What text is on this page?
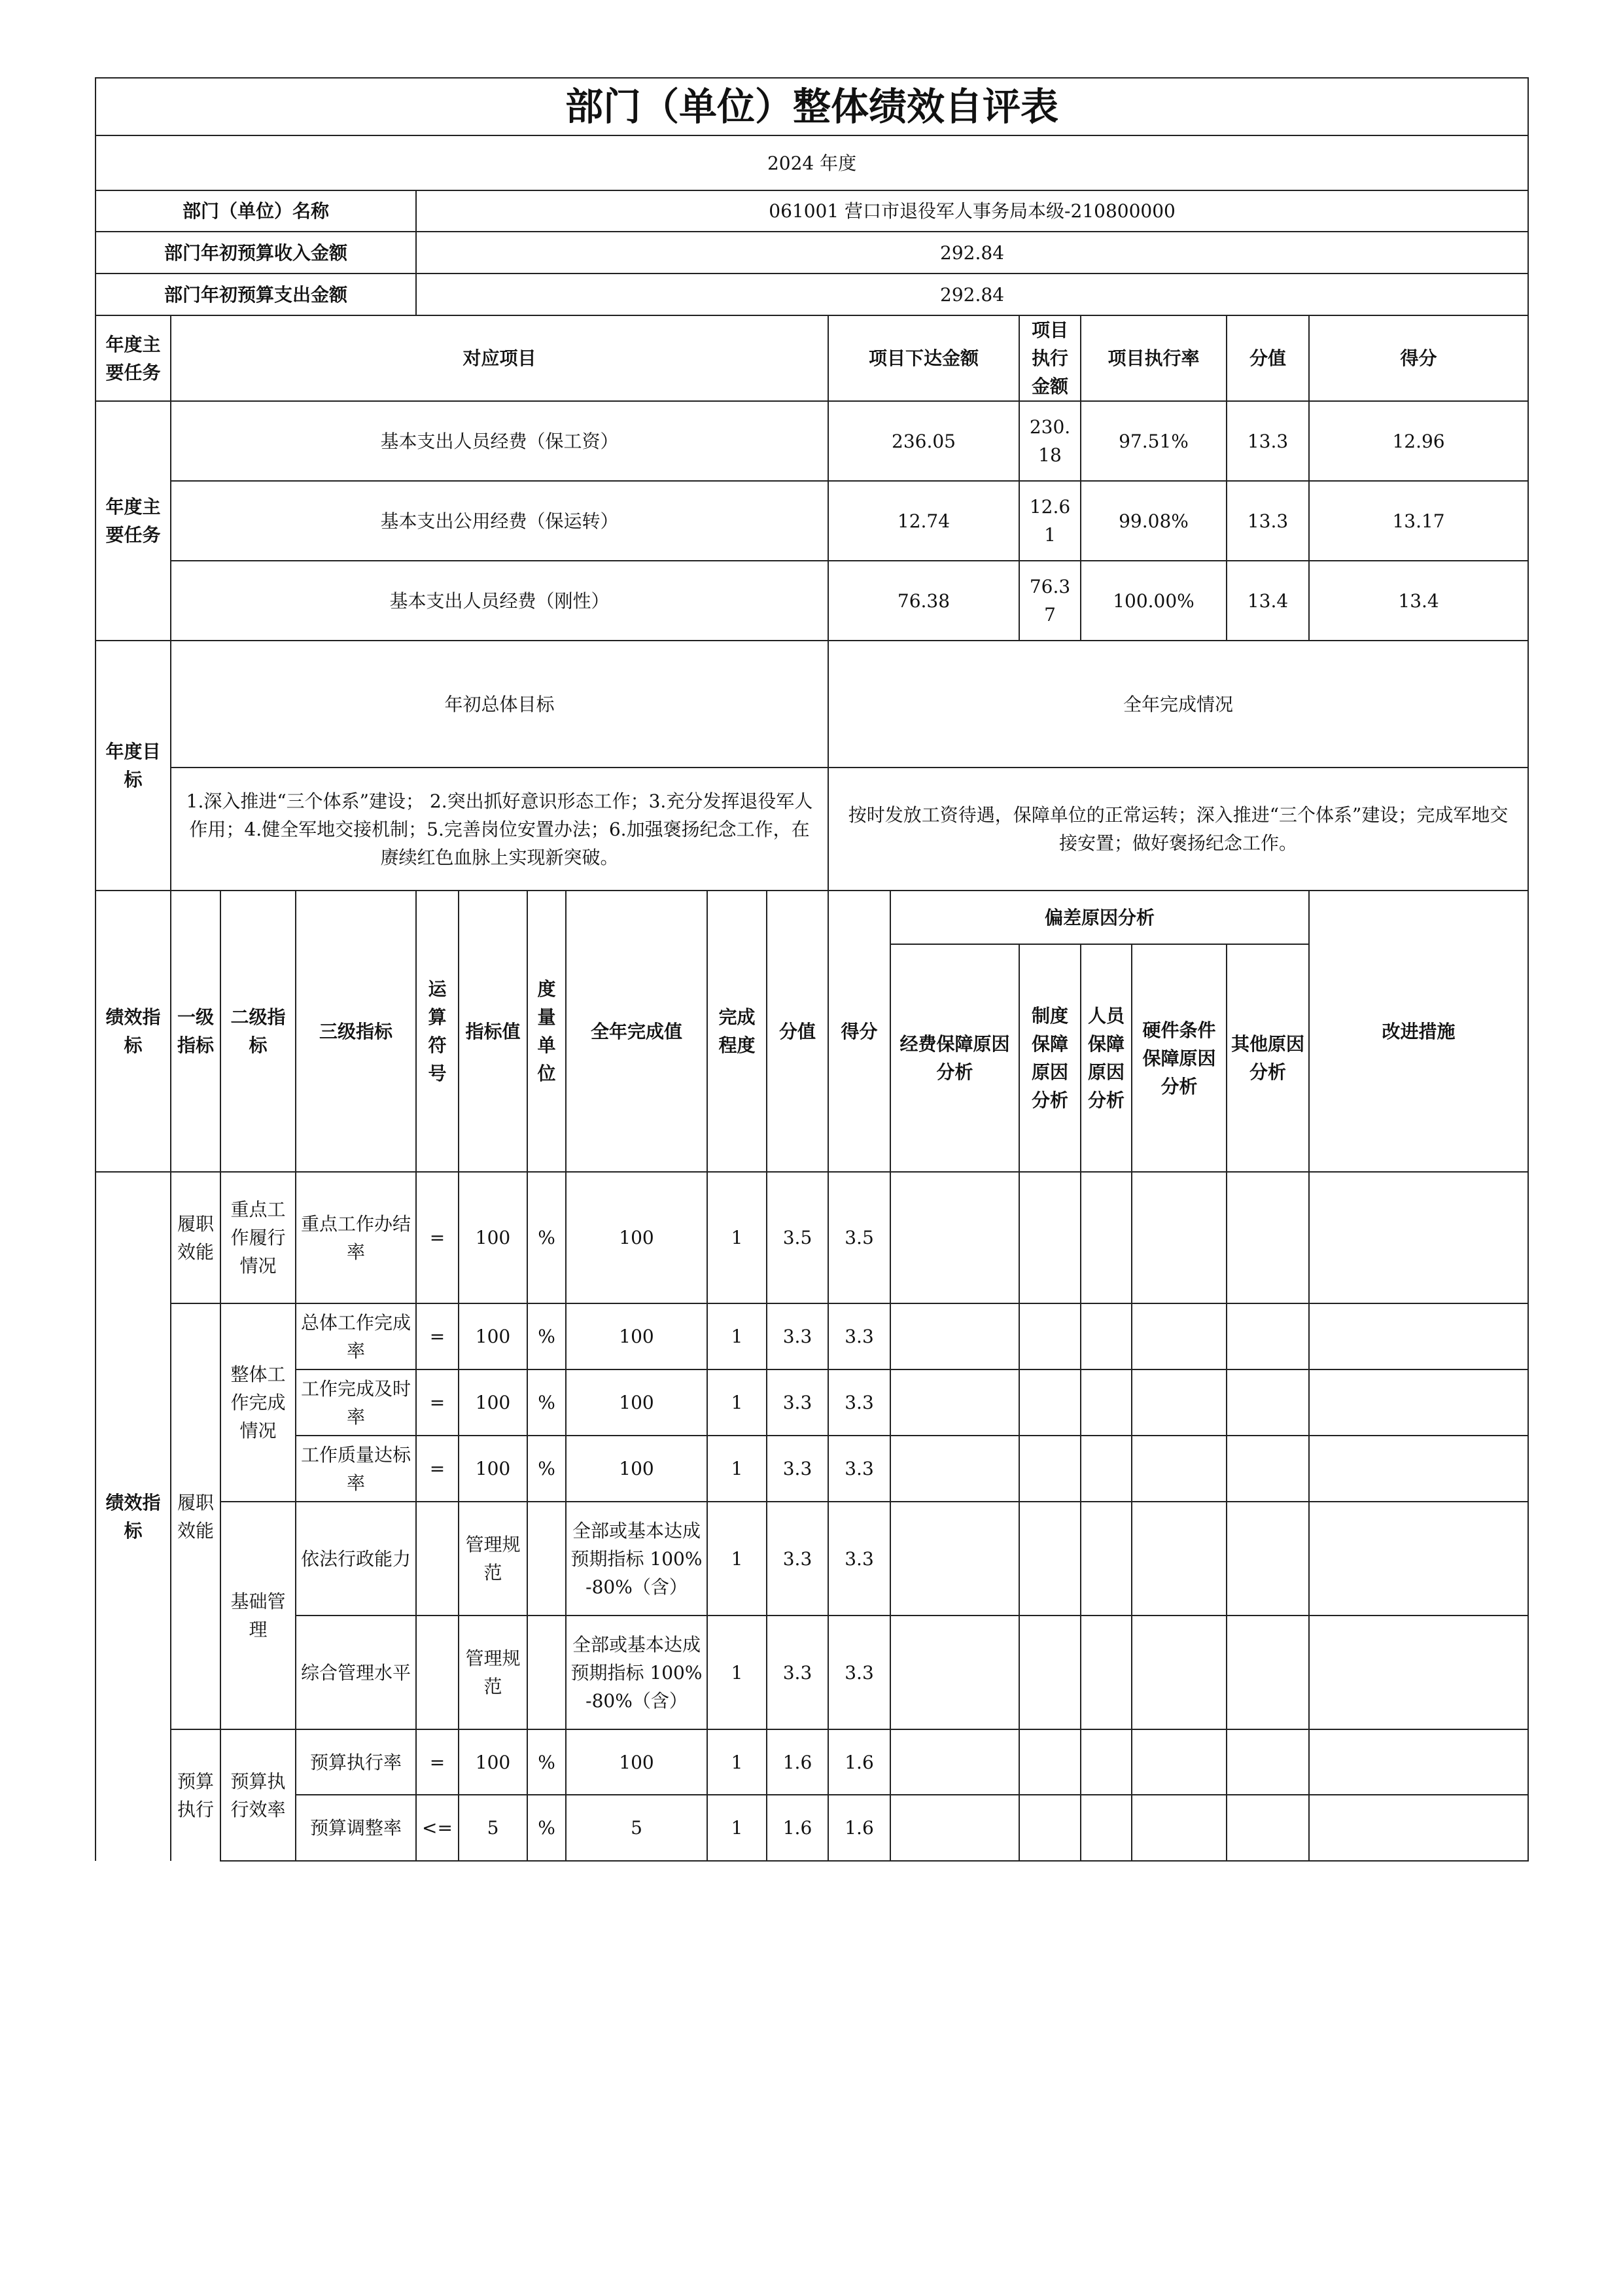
部门（单位）整体绩效自评表																
2024 年度																
部门（单位）名称				061001 营口市退役军人事务局本级-210800000												
部门年初预算收入金额				292.84												
部门年初预算支出金额				292.84												
年度主要任务	对应项目									项目下达金额		项目执行金额	项目执行率		分值	得分
年度主要任务	基本支出人员经费（保工资）									236.05		230.18	97.51%		13.3	12.96
	基本支出公用经费（保运转）									12.74		12.61	99.08%		13.3	13.17
	基本支出人员经费（刚性）									76.38		76.37	100.00%		13.4	13.4
年度目标	年初总体目标									全年完成情况						
	1.深入推进“三个体系”建设； 2.突出抓好意识形态工作；3.充分发挥退役军人作用；4.健全军地交接机制；5.完善岗位安置办法；6.加强褒扬纪念工作，在赓续红色血脉上实现新突破。									按时发放工资待遇，保障单位的正常运转；深入推进“三个体系”建设；完成军地交接安置；做好褒扬纪念工作。						
绩效指标	一级指标	二级指标	三级指标	运算符号	指标值	度量单位	全年完成值	完成程度	分值	得分	偏差原因分析					改进措施
											经费保障原因分析	制度保障原因分析	人员保障原因分析	硬件条件保障原因分析	其他原因分析	
绩效指标	履职效能	重点工作履行情况	重点工作办结率	=	100	%	100	1	3.5	3.5						
	履职效能	整体工作完成情况	总体工作完成率	=	100	%	100	1	3.3	3.3						
			工作完成及时率	=	100	%	100	1	3.3	3.3						
			工作质量达标率	=	100	%	100	1	3.3	3.3						
		基础管理	依法行政能力		管理规范		全部或基本达成预期指标 100%-80%（含）	1	3.3	3.3						
			综合管理水平		管理规范		全部或基本达成预期指标 100%-80%（含）	1	3.3	3.3						
	预算执行	预算执行效率	预算执行率	=	100	%	100	1	1.6	1.6						
			预算调整率	<=	5	%	5	1	1.6	1.6						
